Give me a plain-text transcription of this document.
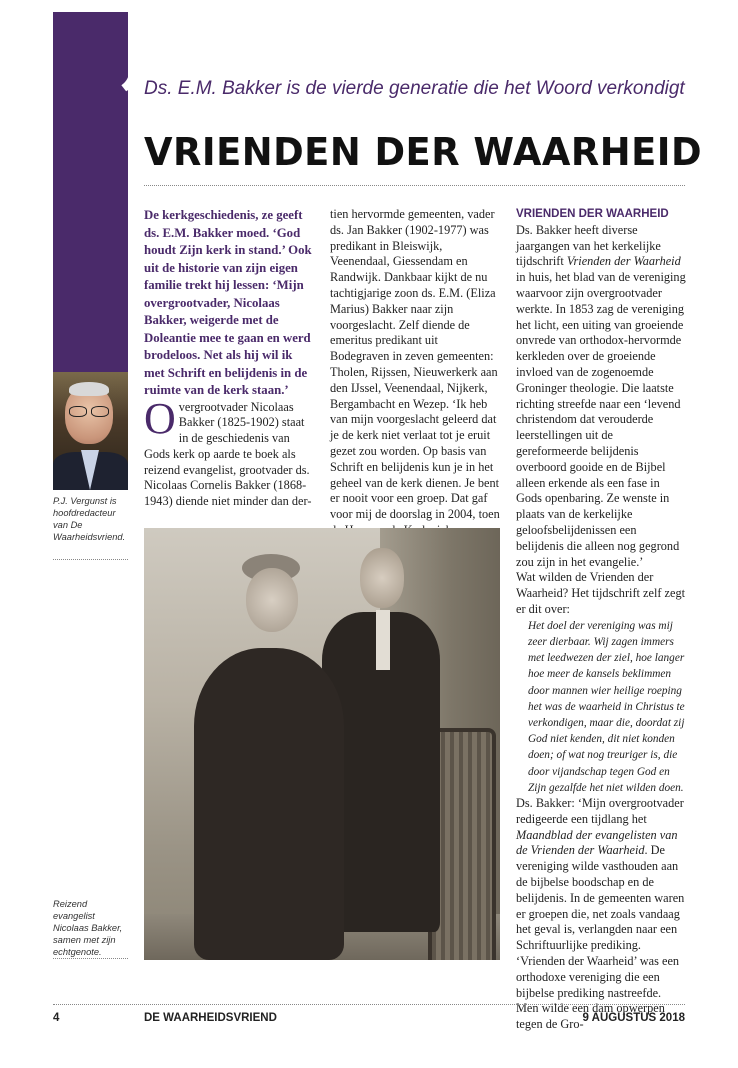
”
Ds. E.M. Bakker is de vierde generatie die het Woord verkondigt
VRIENDEN DER WAARHEID

De kerkgeschiedenis, ze geeft ds. E.M. Bakker moed. ‘God houdt Zijn kerk in stand.’ Ook uit de historie van zijn eigen familie trekt hij lessen: ‘Mijn overgrootvader, Nicolaas Bakker, weigerde met de Doleantie mee te gaan en werd brodeloos. Net als hij wil ik met Schrift en belijdenis in de ruimte van de kerk staan.’

Overgrootvader Nicolaas Bakker (1825-1902) staat in de geschiedenis van Gods kerk op aarde te boek als reizend evangelist, grootvader ds. Nicolaas Cornelis Bakker (1868-1943) diende niet minder dan der-

tien hervormde gemeenten, vader ds. Jan Bakker (1902-1977) was predikant in Bleiswijk, Veenendaal, Giessendam en Randwijk. Dankbaar kijkt de nu tachtigjarige zoon ds. E.M. (Eliza Marius) Bakker naar zijn voorgeslacht. Zelf diende de emeritus predikant uit Bodegraven in zeven gemeenten: Tholen, Rijssen, Nieuwerkerk aan den IJssel, Veenendaal, Nijkerk, Bergambacht en Wezep. ‘Ik heb van mijn voorgeslacht geleerd dat je de kerk niet verlaat tot je eruit gezet zou worden. Op basis van Schrift en belijdenis kun je in het geheel van de kerk dienen. Je bent er nooit voor een groep. Dat gaf voor mij de doorslag in 2004, toen

VRIENDEN DER WAARHEID

Ds. Bakker heeft diverse jaargangen van het kerkelijke tijdschrift Vrienden der Waarheid in huis, het blad van de vereniging waarvoor zijn overgrootvader werkte. In 1853 zag de vereniging het licht, een uiting van groeiende onvrede van orthodox-hervormde kerkleden over de groeiende invloed van de zogenoemde Groninger theologie. Die laatste richting streefde naar een ‘levend christendom dat verouderde leerstellingen uit de gereformeerde belijdenis overboord gooide en de Bijbel alleen erkende als een fase in Gods openbaring. Ze wenste in plaats van de kerkelijke geloofsbelijdenissen een belijdenis die alleen nog gegrond zou zijn in het evangelie.’

Wat wilden de Vrienden der Waarheid? Het tijdschrift zelf zegt er dit over:

Het doel der vereniging was mij zeer dierbaar. Wij zagen immers met leedwezen der ziel, hoe langer hoe meer de kansels beklimmen door mannen wier heilige roeping het was de waarheid in Christus te verkondigen, maar die, doordat zij God niet kenden, dit niet konden doen; of wat nog treuriger is, die door vijandschap tegen God en Zijn gezalfde het niet wilden doen.

Ds. Bakker: ‘Mijn overgrootvader redigeerde een tijdlang het Maandblad der evangelisten van de Vrienden der Waarheid. De vereniging wilde vasthouden aan de bijbelse boodschap en de belijdenis. In de gemeenten waren er groepen die, net zoals vandaag het geval is, verlangden naar een Schriftuurlijke prediking. ‘Vrienden der Waarheid’ was een orthodoxe vereniging die een bijbelse prediking nastreefde. Men wilde een dam opwerpen tegen de Gro-

P.J. Vergunst is hoofdredacteur van De Waarheidsvriend.
Reizend evangelist Nicolaas Bakker, samen met zijn echtgenote.
4	DE WAARHEIDSVRIEND	9 AUGUSTUS 2018
